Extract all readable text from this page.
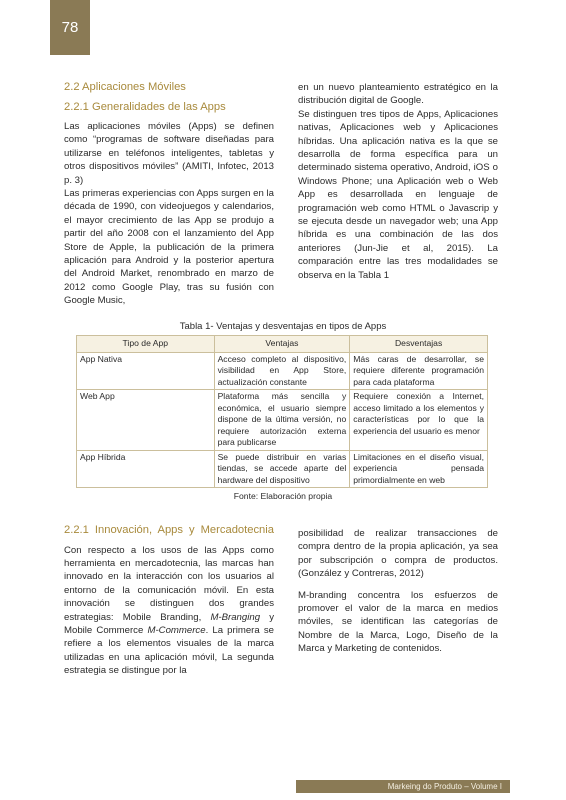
78
2.2 Aplicaciones Móviles
2.2.1 Generalidades de las Apps

Las aplicaciones móviles (Apps) se definen como “programas de software diseñadas para utilizarse en teléfonos inteligentes, tabletas y otros dispositivos móviles” (AMITI, Infotec, 2013 p. 3)

Las primeras experiencias con Apps surgen en la década de 1990, con videojuegos y calendarios, el mayor crecimiento de las App se produjo a partir del año 2008 con el lanzamiento del App Store de Apple, la publicación de la primera aplicación para Android y la posterior apertura del Android Market, renombrado en marzo de 2012 como Google Play, tras su fusión con Google Music,

en un nuevo planteamiento estratégico en la distribución digital de Google.

Se distinguen tres tipos de Apps, Aplicaciones nativas, Aplicaciones web y Aplicaciones híbridas. Una aplicación nativa es la que se desarrolla de forma específica para un determinado sistema operativo, Android, iOS o Windows Phone; una Aplicación web o Web App es desarrollada en lenguaje de programación web como HTML o Javascrip y se ejecuta desde un navegador web; una App híbrida es una combinación de las dos anteriores (Jun-Jie et al, 2015). La comparación entre las tres modalidades se observa en la Tabla 1

Tabla 1- Ventajas y desventajas en tipos de Apps
Tipo de App	Ventajas	Desventajas
App Nativa	Acceso completo al dispositivo, visibilidad en App Store, actualización constante	Más caras de desarrollar, se requiere diferente programación para cada plataforma
Web App	Plataforma más sencilla y económica, el usuario siempre dispone de la última versión, no requiere autorización externa para publicarse	Requiere conexión a Internet, acceso limitado a los elementos y características por lo que la experiencia del usuario es menor
App Híbrida	Se puede distribuir en varias tiendas, se accede aparte del hardware del dispositivo	Limitaciones en el diseño visual, experiencia pensada primordialmente en web
Fonte: Elaboración propia
2.2.1 Innovación, Apps y Mercadotecnia

Con respecto a los usos de las Apps como herramienta en mercadotecnia, las marcas han innovado en la interacción con los usuarios al entorno de la comunicación móvil. En esta innovación se distinguen dos grandes estrategias: Mobile Branding, M-Branging y Mobile Commerce M-Commerce. La primera se refiere a los elementos visuales de la marca utilizadas en una aplicación móvil, La segunda estrategia se distingue por la

posibilidad de realizar transacciones de compra dentro de la propia aplicación, ya sea por subscripción o compra de productos. (González y Contreras, 2012)

M-branding concentra los esfuerzos de promover el valor de la marca en medios móviles, se identifican las categorías de Nombre de la Marca, Logo, Diseño de la Marca y Marketing de contenidos.

Markeing do Produto – Volume I
